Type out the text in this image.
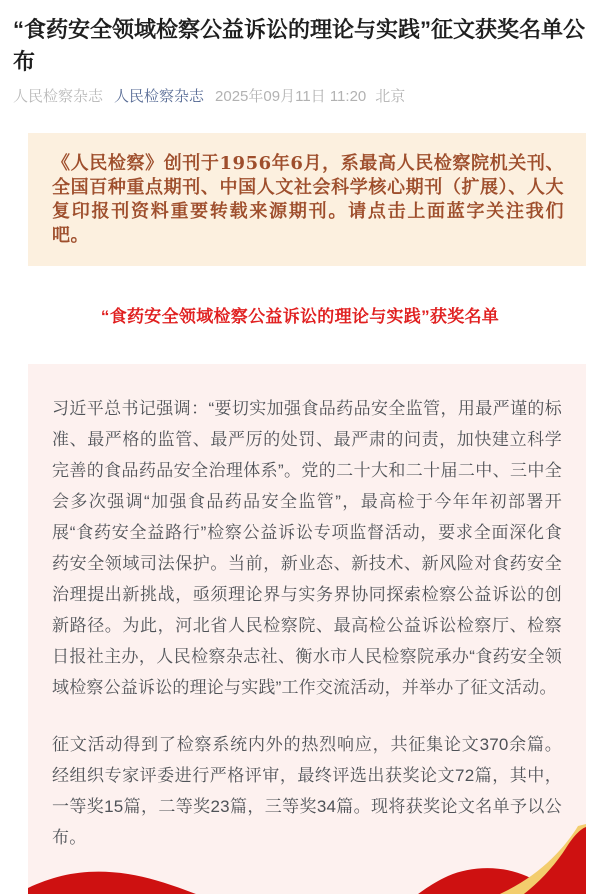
“食药安全领域检察公益诉讼的理论与实践”征文获奖名单公布
人民检察杂志 人民检察杂志 2025年09月11日 11:20 北京

《人民检察》创刊于1956年6月，系最高人民检察院机关刊、全国百种重点期刊、中国人文社会科学核心期刊（扩展）、人大复印报刊资料重要转载来源期刊。请点击上面蓝字关注我们吧。

“食药安全领域检察公益诉讼的理论与实践”获奖名单

习近平总书记强调：“要切实加强食品药品安全监管，用最严谨的标准、最严格的监管、最严厉的处罚、最严肃的问责，加快建立科学完善的食品药品安全治理体系”。党的二十大和二十届二中、三中全会多次强调“加强食品药品安全监管”，最高检于今年年初部署开展“食药安全益路行”检察公益诉讼专项监督活动，要求全面深化食药安全领域司法保护。当前，新业态、新技术、新风险对食药安全治理提出新挑战，亟须理论界与实务界协同探索检察公益诉讼的创新路径。为此，河北省人民检察院、最高检公益诉讼检察厅、检察日报社主办，人民检察杂志社、衡水市人民检察院承办“食药安全领域检察公益诉讼的理论与实践”工作交流活动，并举办了征文活动。

征文活动得到了检察系统内外的热烈响应，共征集论文370余篇。经组织专家评委进行严格评审，最终评选出获奖论文72篇，其中，一等奖15篇，二等奖23篇，三等奖34篇。现将获奖论文名单予以公布。
